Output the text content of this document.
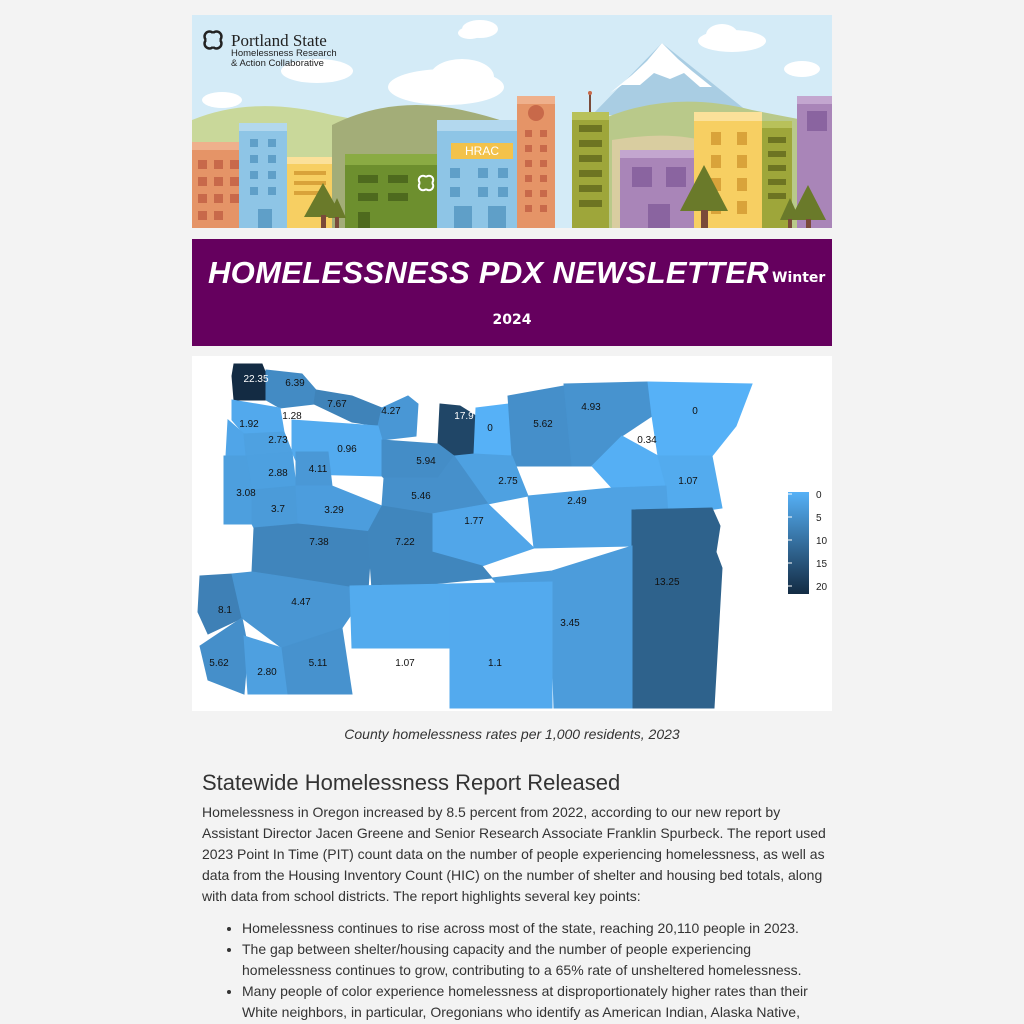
HRAC
Portland State
Homelessness Research
& Action Collaborative
HOMELESSNESS PDX NEWSLETTER Winter
2024
22.35 6.39
7.67
4.27	17.9
0	5.62
4.93	0
1.28
1.92
2.73
0.96
5.94
0.34
2.88 4.11
2.75	1.07
3.08	5.46	2.49
3.7	3.29
1.77
7.38	7.22
13.25
8.1
4.47
3.45
5.62
2.80
5.11	1.07	1.1
0
5
10
15
20
County homelessness rates per 1,000 residents, 2023
Statewide Homelessness Report Released

Homelessness in Oregon increased by 8.5 percent from 2022, according to our new report by Assistant Director Jacen Greene and Senior Research Associate Franklin Spurbeck. The report used 2023 Point In Time (PIT) count data on the number of people experiencing homelessness, as well as data from the Housing Inventory Count (HIC) on the number of shelter and housing bed totals, along with data from school districts. The report highlights several key points:

• Homelessness continues to rise across most of the state, reaching 20,110 people in 2023.
• The gap between shelter/housing capacity and the number of people experiencing homelessness continues to grow, contributing to a 65% rate of unsheltered homelessness.
• Many people of color experience homelessness at disproportionately higher rates than their White neighbors, in particular, Oregonians who identify as American Indian, Alaska Native,
